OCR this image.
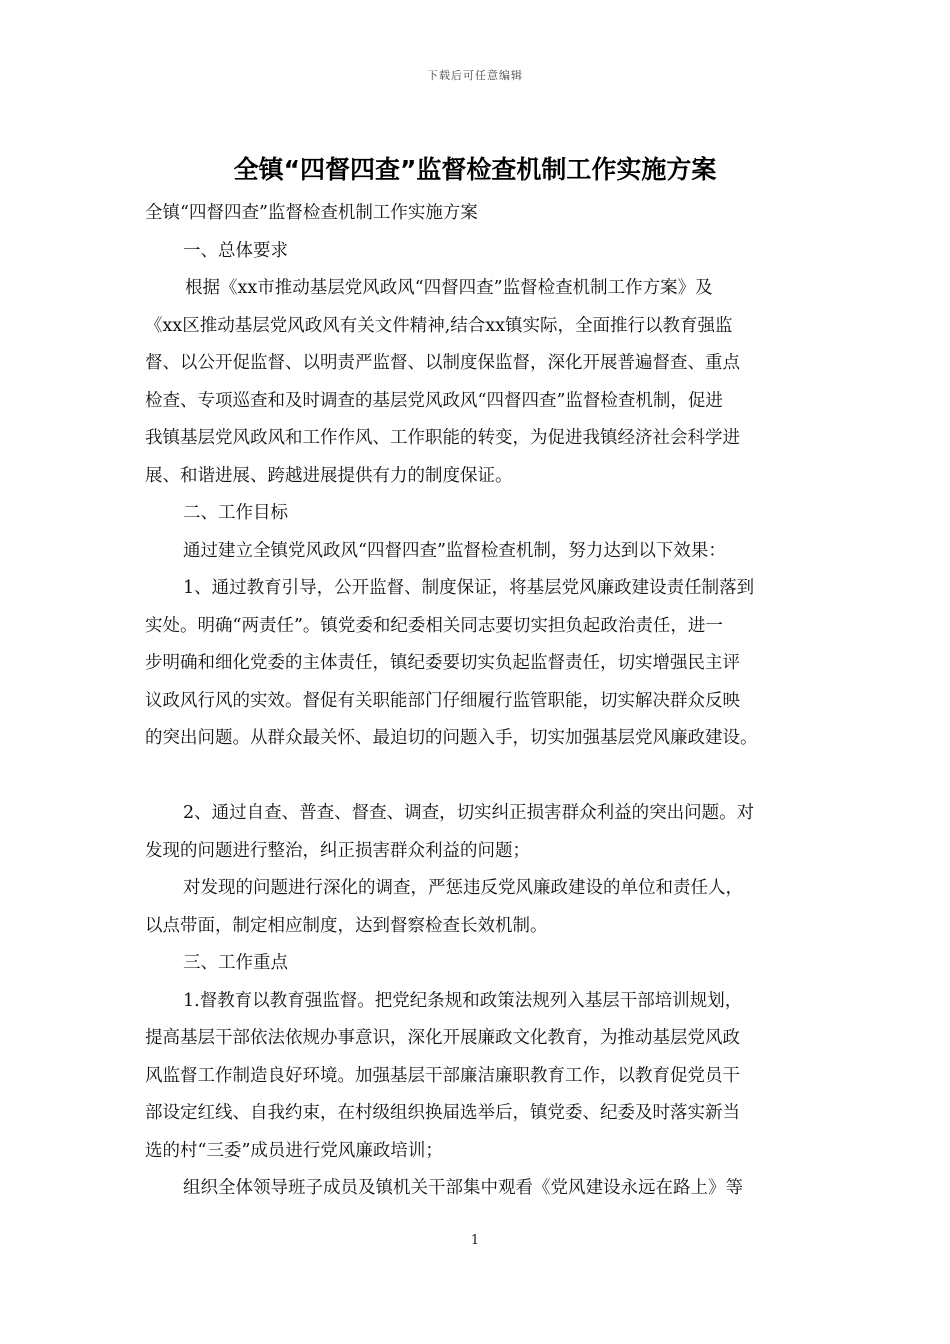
下载后可任意编辑
全镇“四督四查”监督检查机制工作实施方案
全镇“四督四查”监督检查机制工作实施方案
一、总体要求
根据《xx市推动基层党风政风“四督四查”监督检查机制工作方案》及
《xx区推动基层党风政风有关文件精神,结合xx镇实际，全面推行以教育强监
督、以公开促监督、以明责严监督、以制度保监督，深化开展普遍督查、重点
检查、专项巡查和及时调查的基层党风政风“四督四查”监督检查机制，促进
我镇基层党风政风和工作作风、工作职能的转变，为促进我镇经济社会科学进
展、和谐进展、跨越进展提供有力的制度保证。
二、工作目标
通过建立全镇党风政风“四督四查”监督检查机制，努力达到以下效果：
1、通过教育引导，公开监督、制度保证，将基层党风廉政建设责任制落到
实处。明确“两责任”。镇党委和纪委相关同志要切实担负起政治责任，进一
步明确和细化党委的主体责任，镇纪委要切实负起监督责任，切实增强民主评
议政风行风的实效。督促有关职能部门仔细履行监管职能，切实解决群众反映
的突出问题。从群众最关怀、最迫切的问题入手，切实加强基层党风廉政建设。
2、通过自查、普查、督查、调查，切实纠正损害群众利益的突出问题。对
发现的问题进行整治，纠正损害群众利益的问题；
对发现的问题进行深化的调查，严惩违反党风廉政建设的单位和责任人，
以点带面，制定相应制度，达到督察检查长效机制。
三、工作重点
1.督教育以教育强监督。把党纪条规和政策法规列入基层干部培训规划，
提高基层干部依法依规办事意识，深化开展廉政文化教育，为推动基层党风政
风监督工作制造良好环境。加强基层干部廉洁廉职教育工作，以教育促党员干
部设定红线、自我约束，在村级组织换届选举后，镇党委、纪委及时落实新当
选的村“三委”成员进行党风廉政培训；
组织全体领导班子成员及镇机关干部集中观看《党风建设永远在路上》等
1
